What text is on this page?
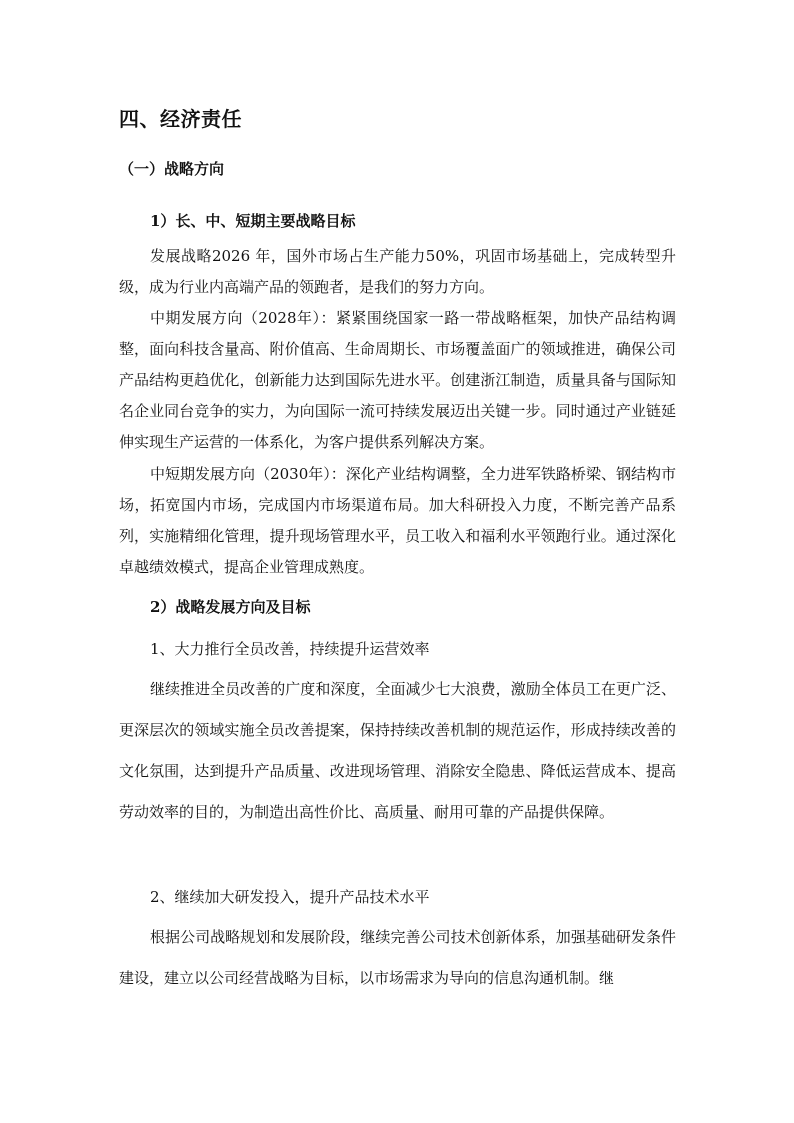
四、经济责任
（一）战略方向
1）长、中、短期主要战略目标

发展战略2026 年，国外市场占生产能力50%，巩固市场基础上，完成转型升级，成为行业内高端产品的领跑者，是我们的努力方向。

中期发展方向（2028年）：紧紧围绕国家一路一带战略框架，加快产品结构调整，面向科技含量高、附价值高、生命周期长、市场覆盖面广的领域推进，确保公司产品结构更趋优化，创新能力达到国际先进水平。创建浙江制造，质量具备与国际知名企业同台竞争的实力，为向国际一流可持续发展迈出关键一步。同时通过产业链延伸实现生产运营的一体系化，为客户提供系列解决方案。

中短期发展方向（2030年）：深化产业结构调整，全力进军铁路桥梁、钢结构市场，拓宽国内市场，完成国内市场渠道布局。加大科研投入力度，不断完善产品系列，实施精细化管理，提升现场管理水平，员工收入和福利水平领跑行业。通过深化卓越绩效模式，提高企业管理成熟度。

2）战略发展方向及目标
1、大力推行全员改善，持续提升运营效率

继续推进全员改善的广度和深度，全面减少七大浪费，激励全体员工在更广泛、更深层次的领域实施全员改善提案，保持持续改善机制的规范运作，形成持续改善的文化氛围，达到提升产品质量、改进现场管理、消除安全隐患、降低运营成本、提高劳动效率的目的，为制造出高性价比、高质量、耐用可靠的产品提供保障。

2、继续加大研发投入，提升产品技术水平

根据公司战略规划和发展阶段，继续完善公司技术创新体系，加强基础研发条件建设，建立以公司经营战略为目标，以市场需求为导向的信息沟通机制。继
